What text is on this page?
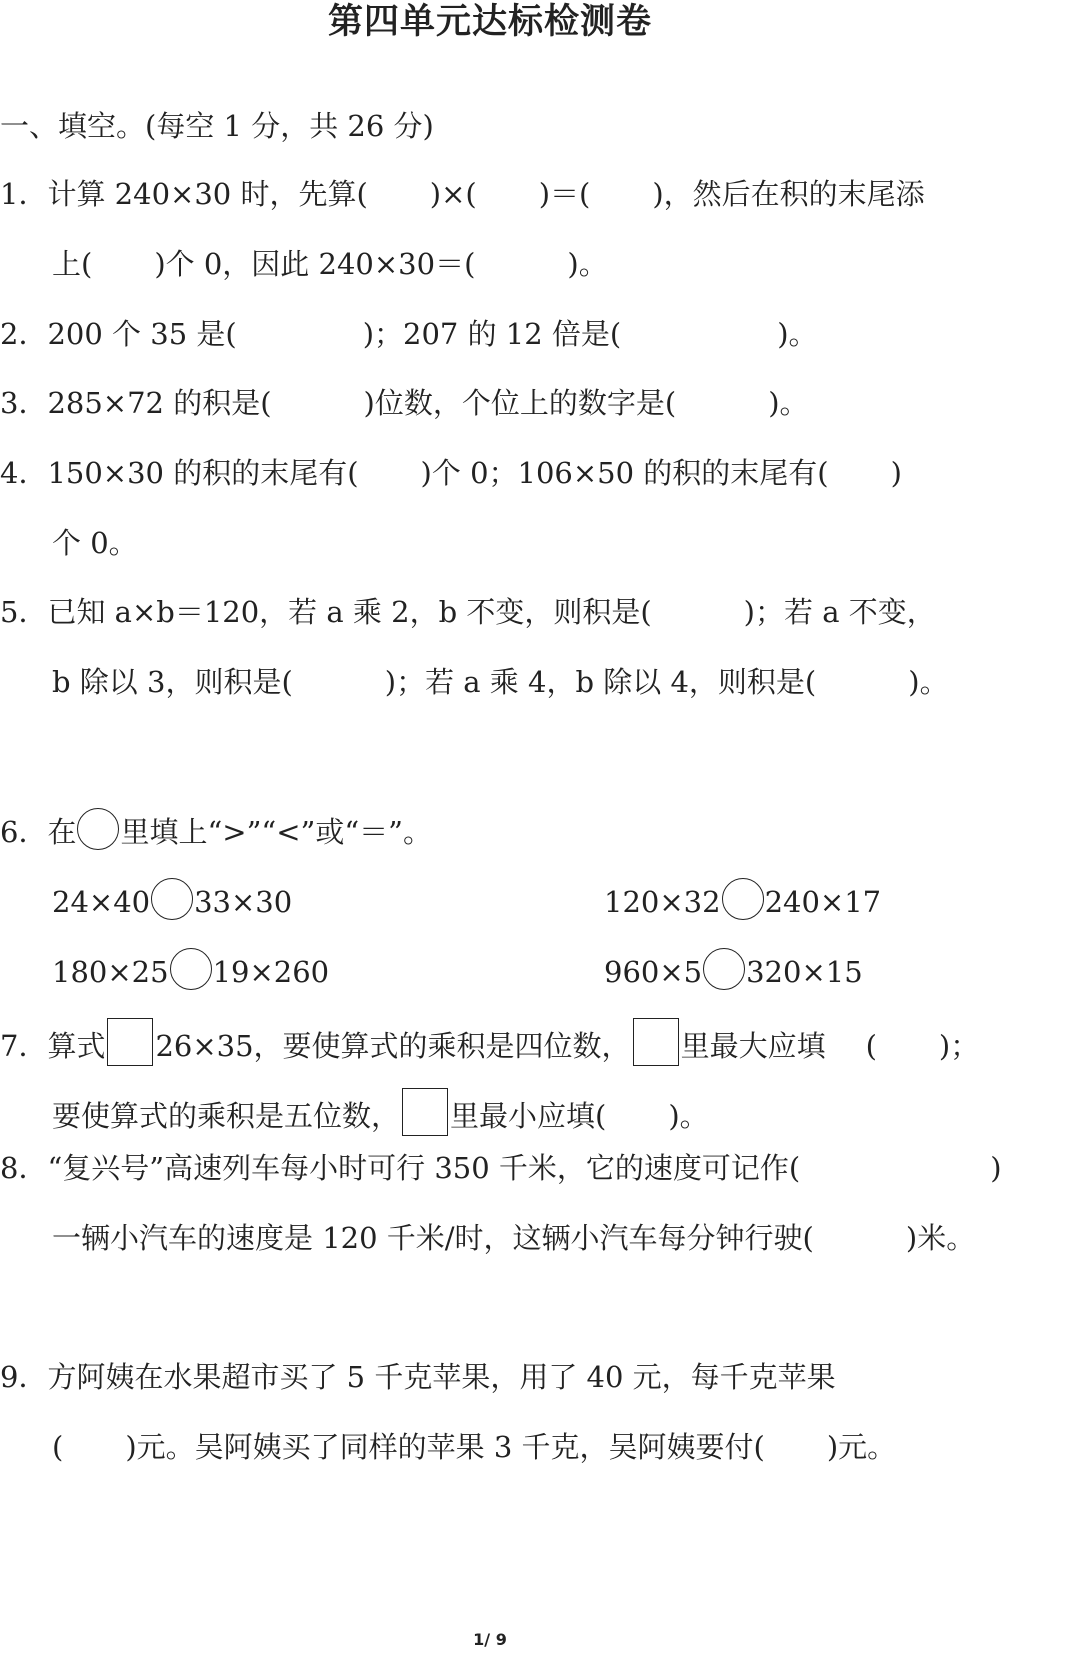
第四单元达标检测卷
一、填空。(每空 1 分，共 26 分)
1．计算 240×30 时，先算( )×( )＝( )，然后在积的末尾添
上( )个 0，因此 240×30＝(	)。
2．200 个 35 是(	)；207 的 12 倍是(	)。
3．285×72 的积是(	)位数，个位上的数字是(	)。
4．150×30 的积的末尾有( )个 0；106×50 的积的末尾有( )
个 0。
5．已知 a×b＝120，若 a 乘 2，b 不变，则积是(	)；若 a 不变，
b 除以 3，则积是(	)；若 a 乘 4，b 除以 4，则积是(	)。
6．在 里填上“>”“<”或“＝”。
24×40 33×30	120×32 240×17
180×25 19×260	960×5 320×15
7．算式 26×35，要使算式的乘积是四位数， 里最大应填 ( )；
要使算式的乘积是五位数， 里最小应填( )。
8．“复兴号”高速列车每小时可行 350 千米，它的速度可记作(	)
一辆小汽车的速度是 120 千米/时，这辆小汽车每分钟行驶(	)米。
9．方阿姨在水果超市买了 5 千克苹果，用了 40 元，每千克苹果
( )元。吴阿姨买了同样的苹果 3 千克，吴阿姨要付( )元。
1/ 9
